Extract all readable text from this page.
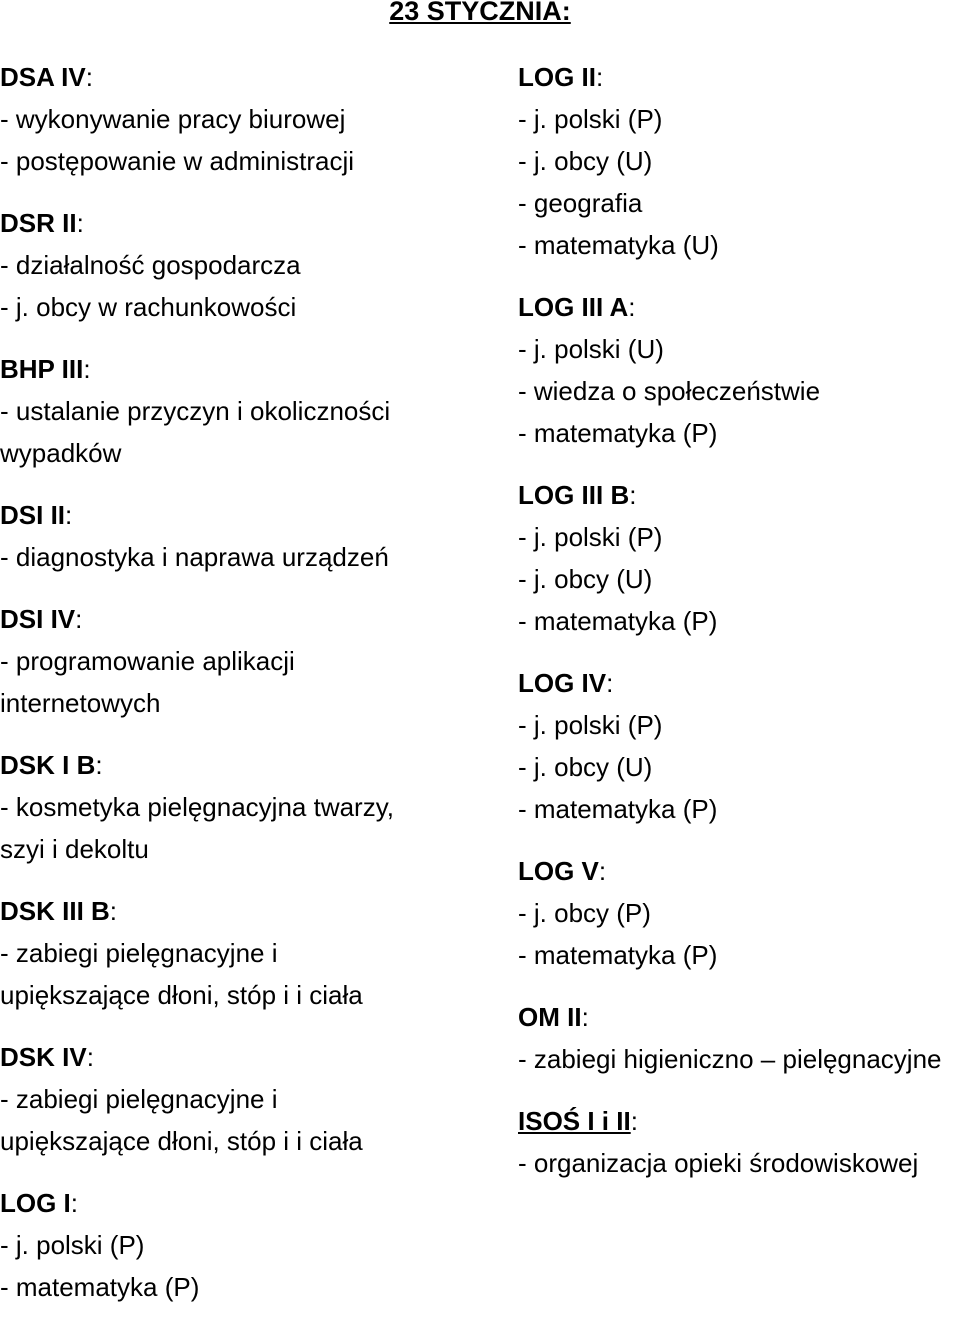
23 STYCZNIA:
DSA IV:
- wykonywanie pracy biurowej
- postępowanie w administracji
DSR II:
- działalność gospodarcza
- j. obcy w rachunkowości
BHP III:
- ustalanie przyczyn i okoliczności
wypadków
DSI II:
- diagnostyka i naprawa urządzeń
DSI IV:
- programowanie aplikacji
internetowych
DSK I B:
- kosmetyka pielęgnacyjna twarzy,
szyi i dekoltu
DSK III B:
- zabiegi pielęgnacyjne i
upiększające dłoni, stóp i i ciała
DSK IV:
- zabiegi pielęgnacyjne i
upiększające dłoni, stóp i i ciała
LOG I:
- j. polski (P)
- matematyka (P)
LOG II:
- j. polski (P)
- j. obcy (U)
- geografia
- matematyka (U)
LOG III A:
- j. polski (U)
- wiedza o społeczeństwie
- matematyka (P)
LOG III B:
- j. polski (P)
- j. obcy (U)
- matematyka (P)
LOG IV:
- j. polski (P)
- j. obcy (U)
- matematyka (P)
LOG V:
- j. obcy (P)
- matematyka (P)
OM II:
- zabiegi higieniczno – pielęgnacyjne
ISOŚ I i II:
- organizacja opieki środowiskowej
